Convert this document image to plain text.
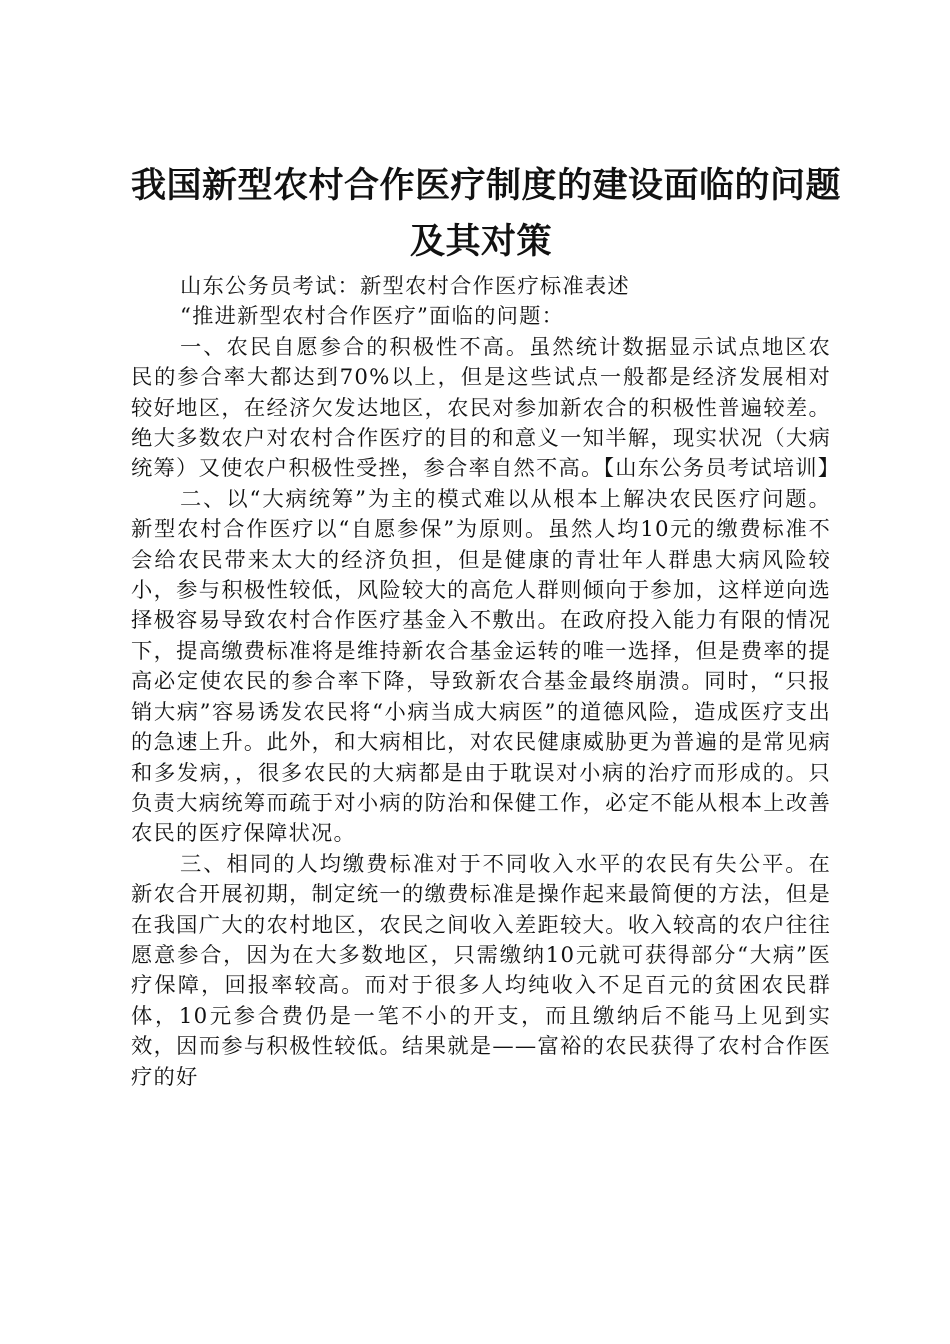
我国新型农村合作医疗制度的建设面临的问题
及其对策

山东公务员考试：新型农村合作医疗标准表述

“推进新型农村合作医疗”面临的问题：

一、农民自愿参合的积极性不高。虽然统计数据显示试点地区农民的参合率大都达到70%以上，但是这些试点一般都是经济发展相对较好地区，在经济欠发达地区，农民对参加新农合的积极性普遍较差。绝大多数农户对农村合作医疗的目的和意义一知半解，现实状况（大病统筹）又使农户积极性受挫，参合率自然不高。【山东公务员考试培训】

二、以“大病统筹”为主的模式难以从根本上解决农民医疗问题。新型农村合作医疗以“自愿参保”为原则。虽然人均10元的缴费标准不会给农民带来太大的经济负担，但是健康的青壮年人群患大病风险较小，参与积极性较低，风险较大的高危人群则倾向于参加，这样逆向选择极容易导致农村合作医疗基金入不敷出。在政府投入能力有限的情况下，提高缴费标准将是维持新农合基金运转的唯一选择，但是费率的提高必定使农民的参合率下降，导致新农合基金最终崩溃。同时，“只报销大病”容易诱发农民将“小病当成大病医”的道德风险，造成医疗支出的急速上升。此外，和大病相比，对农民健康威胁更为普遍的是常见病和多发病，，很多农民的大病都是由于耽误对小病的治疗而形成的。只负责大病统筹而疏于对小病的防治和保健工作，必定不能从根本上改善农民的医疗保障状况。

三、相同的人均缴费标准对于不同收入水平的农民有失公平。在新农合开展初期，制定统一的缴费标准是操作起来最简便的方法，但是在我国广大的农村地区，农民之间收入差距较大。收入较高的农户往往愿意参合，因为在大多数地区，只需缴纳10元就可获得部分“大病”医疗保障，回报率较高。而对于很多人均纯收入不足百元的贫困农民群体，10元参合费仍是一笔不小的开支，而且缴纳后不能马上见到实效，因而参与积极性较低。结果就是——富裕的农民获得了农村合作医疗的好
